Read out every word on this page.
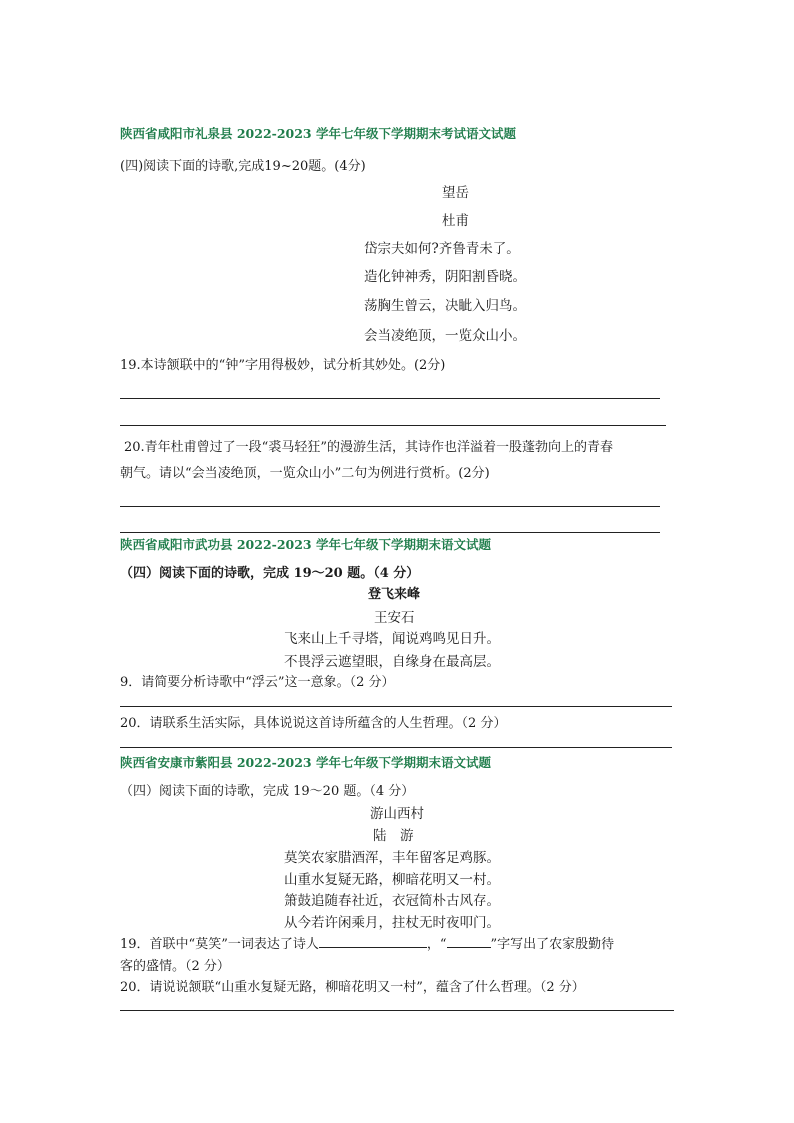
陕西省咸阳市礼泉县 2022-2023 学年七年级下学期期末考试语文试题
(四)阅读下面的诗歌,完成19~20题。(4分)
望岳
杜甫
岱宗夫如何?齐鲁青未了。
造化钟神秀，阴阳割昏晓。
荡胸生曾云，决眦入归鸟。
会当凌绝顶，一览众山小。
19.本诗颔联中的“钟”字用得极妙，试分析其妙处。(2分)
20.青年杜甫曾过了一段“裘马轻狂”的漫游生活，其诗作也洋溢着一股蓬勃向上的青春
朝气。请以“会当凌绝顶，一览众山小”二句为例进行赏析。(2分)
陕西省咸阳市武功县 2022-2023 学年七年级下学期期末语文试题
（四）阅读下面的诗歌，完成 19～20 题。（4 分）
登飞来峰
王安石
飞来山上千寻塔，闻说鸡鸣见日升。
不畏浮云遮望眼，自缘身在最高层。
9．请简要分析诗歌中“浮云”这一意象。（2 分）
20．请联系生活实际，具体说说这首诗所蕴含的人生哲理。（2 分）
陕西省安康市紫阳县 2022-2023 学年七年级下学期期末语文试题
（四）阅读下面的诗歌，完成 19～20 题。（4 分）
游山西村
陆　游
莫笑农家腊酒浑，丰年留客足鸡豚。
山重水复疑无路，柳暗花明又一村。
箫鼓追随春社近，衣冠简朴古风存。
从今若许闲乘月，拄杖无时夜叩门。
19．首联中“莫笑”一词表达了诗人	，“	”字写出了农家殷勤待
客的盛情。（2 分）
20．请说说颔联“山重水复疑无路，柳暗花明又一村”，蕴含了什么哲理。（2 分）
